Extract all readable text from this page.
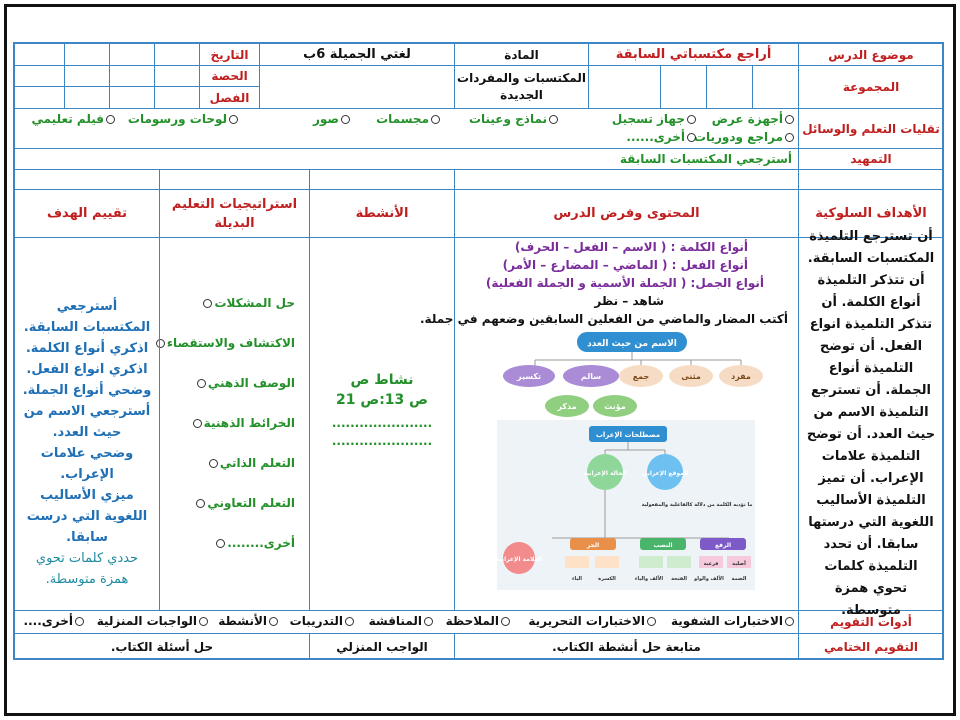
موضوع الدرس
أراجع مكتسباتي السابقة
المادة
لغتي الجميلة 6ب
التاريخ
المجموعة
المكتسبات والمفردات الجديدة
الحصة
الفصل
تقليات التعلم والوسائل
أجهزة عرض
جهاز تسجيل
نماذج وعينات
مجسمات
صور
لوحات ورسومات
فيلم تعليمي
مراجع ودوريات
أخرى......
التمهيد
أسترجعي المكتسبات السابقة
الأهداف السلوكية
المحتوى وفرض الدرس
الأنشطة
استراتيجيات التعليم البديلة
تقييم الهدف
أن تسترجع التلميذة المكتسبات السابقة. أن تتذكر التلميذة أنواع الكلمة. أن تتذكر التلميذة انواع الفعل. أن توضح التلميذة أنواع الجملة. أن تسترجع التلميذة الاسم من حيث العدد. أن توضح التلميذة علامات الإعراب. أن تميز التلميذة الأساليب اللغوية التي درستها سابقا. أن تحدد التلميذة كلمات تحوي همزة متوسطة.
أنواع الكلمة : ( الاسم – الفعل – الحرف)
أنواع الفعل : ( الماضي – المضارع – الأمر)
أنواع الجمل: ( الجملة الأسمية و الجملة الفعلية)
شاهد – نظر
أكتب المضار والماضي من الفعلين السابقين وضعهم في جملة.
الاسم من حيث العدد
مفرد
مثنى
جمع
سالم
تكسير
مؤنث
مذكر
مصطلحات الإعراب
الموقع الإعرابي
الحالة الإعرابية
العلامة الإعرابية
ما تؤديه الكلمة من دلالة كالفاعلية والمفعولية
الرفع
النصب
الجر
أصلية
فرعية
الضمة
الألف والواو
الفتحة
الألف والياء
الكسرة
الياء
نشاط ص
ص 13:ص 21
......................
......................
حل المشكلات
الاكتشاف والاستقصاء
الوصف الذهني
الخرائط الذهنية
التعلم الذاتي
التعلم التعاوني
أخرى........
أسترجعي المكتسبات السابقة.
اذكري أنواع الكلمة.
اذكري انواع الفعل.
وضحي أنواع الجملة.
أسترجعي الاسم من حيث العدد.
وضحي علامات الإعراب.
ميزي الأساليب اللغوية التي درست سابقا.
حددي كلمات تحوي همزة متوسطة.
أدوات التقويم
الاختبارات الشفوية
الاختبارات التحريرية
الملاحظة
المناقشة
التدريبات
الأنشطة
الواجبات المنزلية
أخرى....
التقويم الختامي
متابعة حل أنشطة الكتاب.
الواجب المنزلي
حل أسئلة الكتاب.
